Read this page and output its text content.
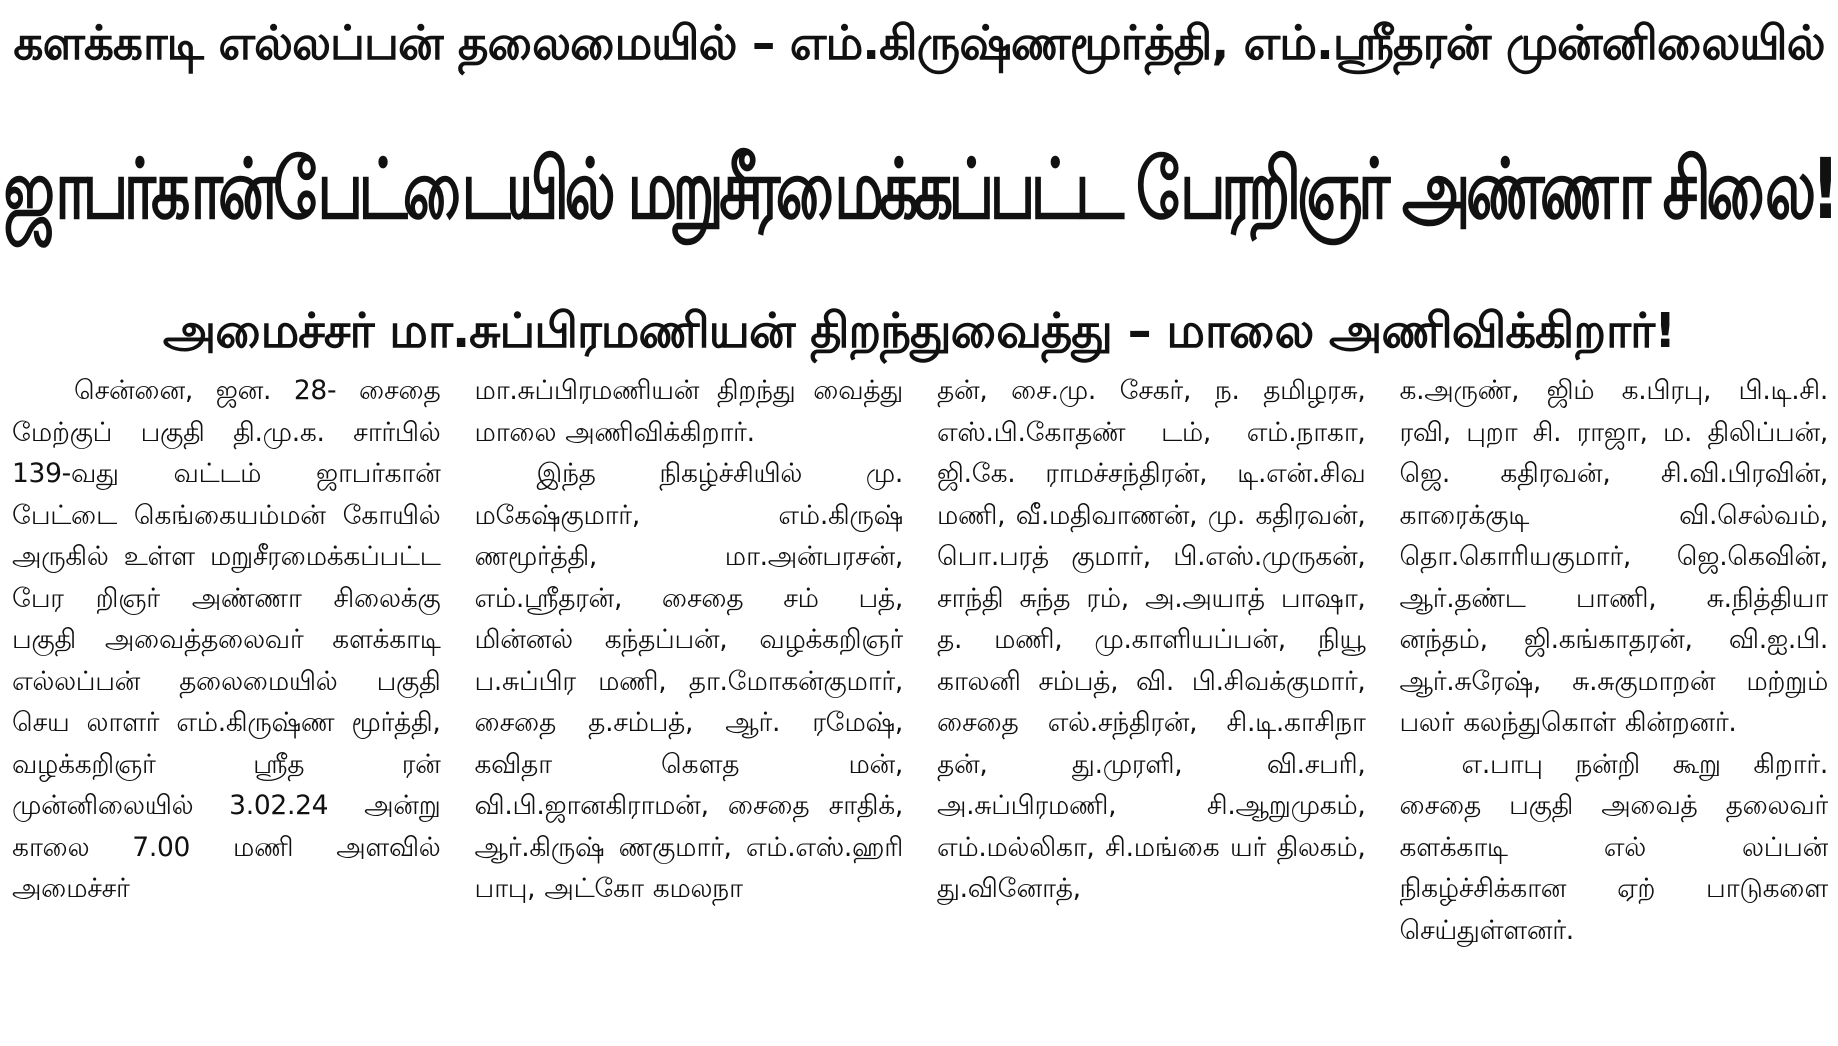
களக்காடி எல்லப்பன் தலைமையில் – எம்.கிருஷ்ணமூர்த்தி, எம்.ஸ்ரீதரன் முன்னிலையில்
ஜாபர்கான்பேட்டையில் மறுசீரமைக்கப்பட்ட பேரறிஞர் அண்ணா சிலை!
அமைச்சர் மா.சுப்பிரமணியன் திறந்துவைத்து – மாலை அணிவிக்கிறார்!

சென்னை, ஜன. 28- சைதை மேற்குப் பகுதி தி.மு.க. சார்பில் 139-வது வட்டம் ஜாபர்கான் பேட்டை கெங்கையம்மன் கோயில் அருகில் உள்ள மறுசீரமைக்கப்பட்ட பேர றிஞர் அண்ணா சிலைக்கு பகுதி அவைத்தலைவர் களக்காடி எல்லப்பன் தலைமையில் பகுதி செய லாளர் எம்.கிருஷ்ண மூர்த்தி, வழக்கறிஞர் ஸ்ரீத ரன் முன்னிலையில் 3.02.24 அன்று காலை 7.00 மணி அளவில் அமைச்சர்

மா.சுப்பிரமணியன் திறந்து வைத்து மாலை அணிவிக்கிறார்.

இந்த நிகழ்ச்சியில் மு. மகேஷ்குமார், எம்.கிருஷ் ணமூர்த்தி, மா.அன்பரசன், எம்.ஸ்ரீதரன், சைதை சம் பத், மின்னல் கந்தப்பன், வழக்கறிஞர் ப.சுப்பிர மணி, தா.மோகன்குமார், சைதை த.சம்பத், ஆர். ரமேஷ், கவிதா கௌத மன், வி.பி.ஜானகிராமன், சைதை சாதிக், ஆர்.கிருஷ் ணகுமார், எம்.எஸ்.ஹரி பாபு, அட்கோ கமலநா

தன், சை.மு. சேகர், ந. தமிழரசு, எஸ்.பி.கோதண் டம், எம்.நாகா, ஜி.கே. ராமச்சந்திரன், டி.என்.சிவ மணி, வீ.மதிவாணன், மு. கதிரவன், பொ.பரத் குமார், பி.எஸ்.முருகன், சாந்தி சுந்த ரம், அ.அயாத் பாஷா, த. மணி, மு.காளியப்பன், நியூ காலனி சம்பத், வி. பி.சிவக்குமார், சைதை எல்.சந்திரன், சி.டி.காசிநா தன், து.முரளி, வி.சபரி, அ.சுப்பிரமணி, சி.ஆறுமுகம், எம்.மல்லிகா, சி.மங்கை யர் திலகம், து.வினோத்,

க.அருண், ஜிம் க.பிரபு, பி.டி.சி. ரவி, புறா சி. ராஜா, ம. திலிப்பன், ஜெ. கதிரவன், சி.வி.பிரவின், காரைக்குடி வி.செல்வம், தொ.கொரியகுமார், ஜெ.கெவின், ஆர்.தண்ட பாணி, சு.நித்தியா னந்தம், ஜி.கங்காதரன், வி.ஐ.பி. ஆர்.சுரேஷ், சு.சுகுமாறன் மற்றும் பலர் கலந்துகொள் கின்றனர்.

எ.பாபு நன்றி கூறு கிறார். சைதை பகுதி அவைத் தலைவர் களக்காடி எல் லப்பன் நிகழ்ச்சிக்கான ஏற் பாடுகளை செய்துள்ளனர்.
